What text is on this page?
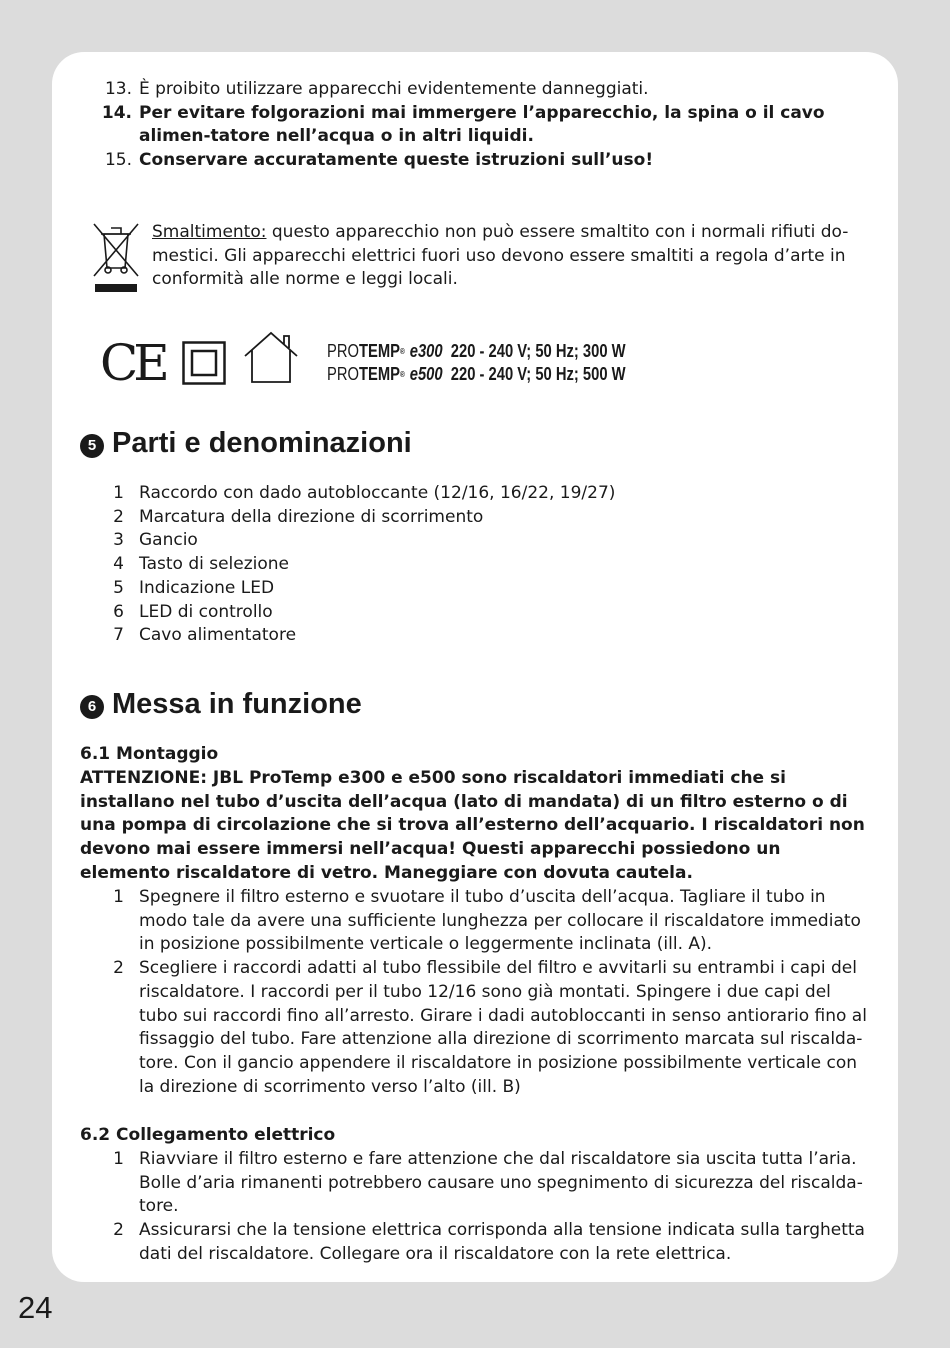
13. È proibito utilizzare apparecchi evidentemente danneggiati.
14. Per evitare folgorazioni mai immergere l’apparecchio, la spina o il cavo alimen-tatore nell’acqua o in altri liquidi.
15. Conservare accuratamente queste istruzioni sull’uso!
Smaltimento: questo apparecchio non può essere smaltito con i normali rifiuti do-mestici. Gli apparecchi elettrici fuori uso devono essere smaltiti a regola d’arte in conformità alle norme e leggi locali.
CE	PROTEMP® e300 220 - 240 V; 50 Hz; 300 W
PROTEMP® e500 220 - 240 V; 50 Hz; 500 W
5 Parti e denominazioni
1 Raccordo con dado autobloccante (12/16, 16/22, 19/27)
2 Marcatura della direzione di scorrimento
3 Gancio
4 Tasto di selezione
5 Indicazione LED
6 LED di controllo
7 Cavo alimentatore
6 Messa in funzione
6.1 Montaggio
ATTENZIONE: JBL ProTemp e300 e e500 sono riscaldatori immediati che si installano nel tubo d’uscita dell’acqua (lato di mandata) di un filtro esterno o di una pompa di circolazione che si trova all’esterno dell’acquario. I riscaldatori non devono mai essere immersi nell’acqua! Questi apparecchi possiedono un elemento riscaldatore di vetro. Maneggiare con dovuta cautela.
1 Spegnere il filtro esterno e svuotare il tubo d’uscita dell’acqua. Tagliare il tubo in modo tale da avere una sufficiente lunghezza per collocare il riscaldatore immediato in posizione possibilmente verticale o leggermente inclinata (ill. A).
2 Scegliere i raccordi adatti al tubo flessibile del filtro e avvitarli su entrambi i capi del riscaldatore. I raccordi per il tubo 12/16 sono già montati. Spingere i due capi del tubo sui raccordi fino all’arresto. Girare i dadi autobloccanti in senso antiorario fino al fissaggio del tubo. Fare attenzione alla direzione di scorrimento marcata sul riscalda-tore. Con il gancio appendere il riscaldatore in posizione possibilmente verticale con la direzione di scorrimento verso l’alto (ill. B)
6.2 Collegamento elettrico
1 Riavviare il filtro esterno e fare attenzione che dal riscaldatore sia uscita tutta l’aria. Bolle d’aria rimanenti potrebbero causare uno spegnimento di sicurezza del riscalda-tore.
2 Assicurarsi che la tensione elettrica corrisponda alla tensione indicata sulla targhetta dati del riscaldatore. Collegare ora il riscaldatore con la rete elettrica.
24
